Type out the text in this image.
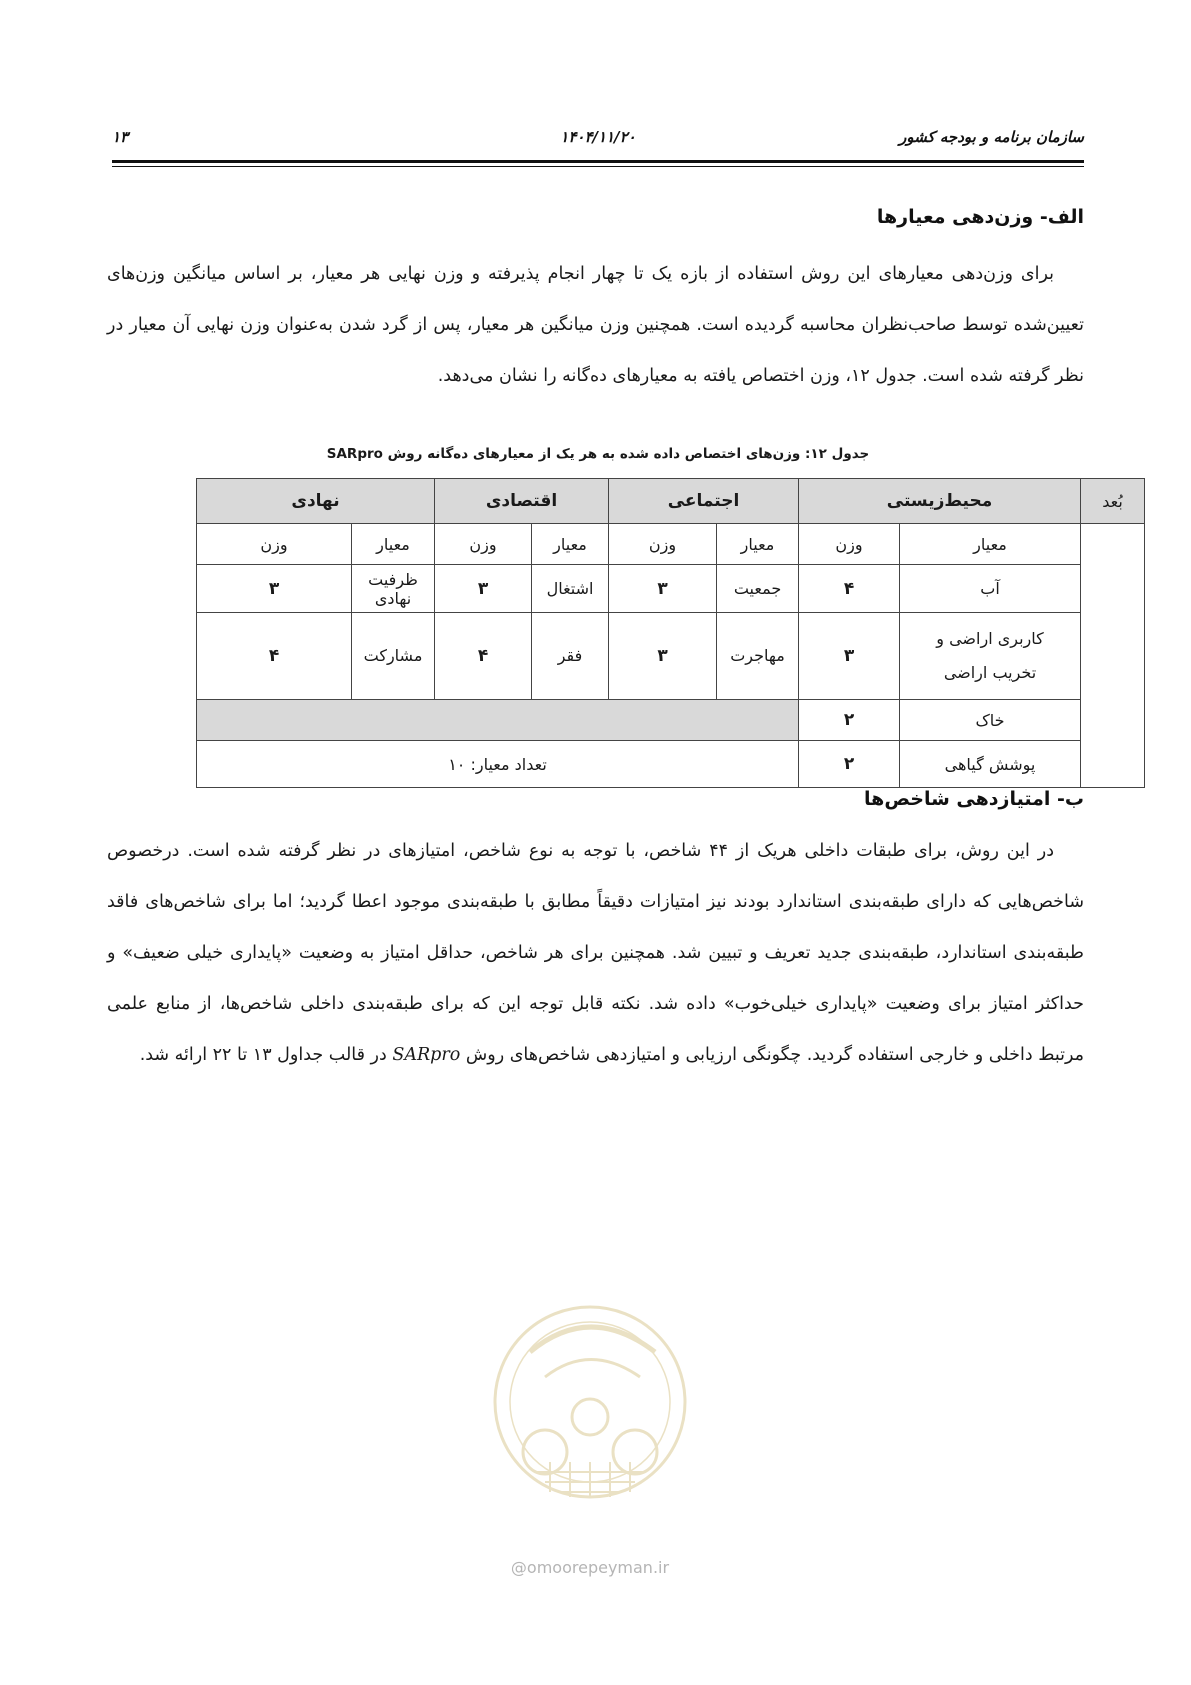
سازمان برنامه و بودجه کشور
۱۴۰۴/۱۱/۲۰
۱۳
الف- وزن‌دهی معیارها

برای وزن‌دهی معیارهای این روش استفاده از بازه یک تا چهار انجام پذیرفته و وزن نهایی هر معیار، بر اساس میانگین وزن‌های تعیین‌شده توسط صاحب‌نظران محاسبه گردیده است. همچنین وزن میانگین هر معیار، پس از گرد شدن به‌عنوان وزن نهایی آن معیار در نظر گرفته شده است. جدول ۱۲، وزن اختصاص یافته به معیارهای ده‌گانه را نشان می‌دهد.

جدول ۱۲: وزن‌های اختصاص داده شده به هر یک از معیارهای ده‌گانه روش SARpro
بُعد	محیط‌زیستی		اجتماعی		اقتصادی		نهادی	
	معیار	وزن	معیار	وزن	معیار	وزن	معیار	وزن
	آب	۴	جمعیت	۳	اشتغال	۳	ظرفیت نهادی	۳
	کاربری اراضی و تخریب اراضی	۳	مهاجرت	۳	فقر	۴	مشارکت	۴
	خاک	۲						
	پوشش گیاهی	۲	تعداد معیار: ۱۰					
ب- امتیازدهی شاخص‌ها

در این روش، برای طبقات داخلی هریک از ۴۴ شاخص، با توجه به نوع شاخص، امتیازهای در نظر گرفته شده است. درخصوص شاخص‌هایی که دارای طبقه‌بندی استاندارد بودند نیز امتیازات دقیقاً مطابق با طبقه‌بندی موجود اعطا گردید؛ اما برای شاخص‌های فاقد طبقه‌بندی استاندارد، طبقه‌بندی جدید تعریف و تبیین شد. همچنین برای هر شاخص، حداقل امتیاز به وضعیت «پایداری خیلی ضعیف» و حداکثر امتیاز برای وضعیت «پایداری خیلی‌خوب» داده شد. نکته قابل توجه این که برای طبقه‌بندی داخلی شاخص‌ها، از منابع علمی مرتبط داخلی و خارجی استفاده گردید. چگونگی ارزیابی و امتیازدهی شاخص‌های روش SARpro در قالب جداول ۱۳ تا ۲۲ ارائه شد.

@omoorepeyman.ir
